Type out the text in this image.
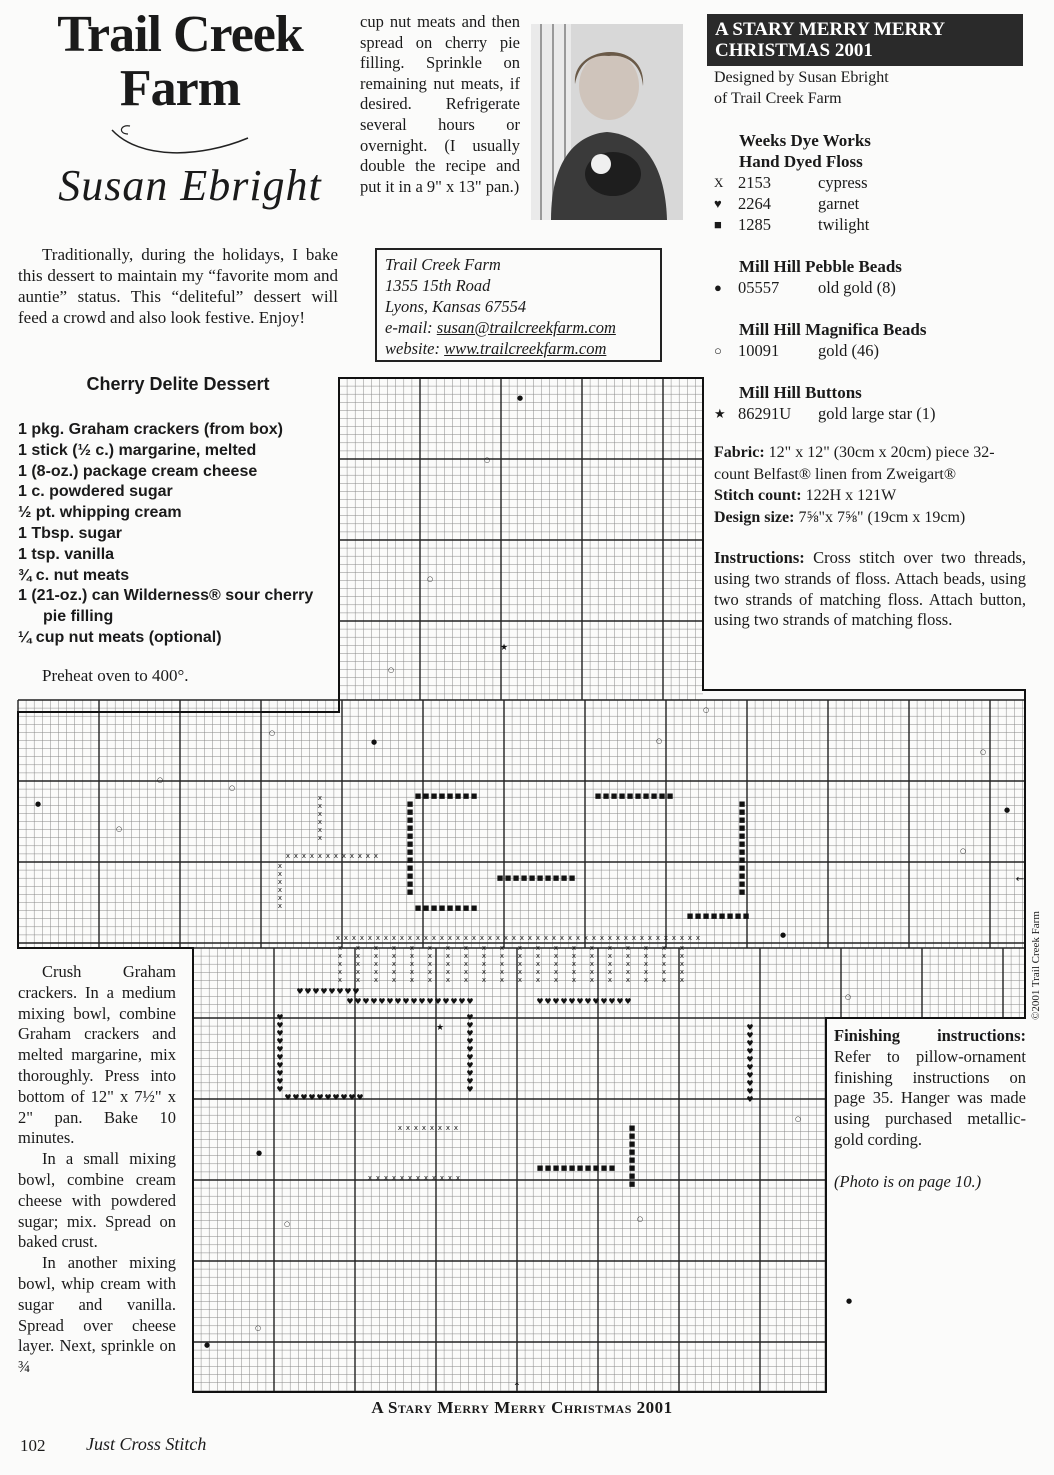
Trail Creek Farm
Susan Ebright
Traditionally, during the holidays, I bake this dessert to maintain my “favorite mom and auntie” status. This “deliteful” dessert will feed a crowd and also look festive. Enjoy!
Cherry Delite Dessert
1 pkg. Graham crackers (from box)
1 stick (½ c.) margarine, melted
1 (8-oz.) package cream cheese
1 c. powdered sugar
½ pt. whipping cream
1 Tbsp. sugar
1 tsp. vanilla
¾ c. nut meats
1 (21-oz.) can Wilderness® sour cherry pie filling
¼ cup nut meats (optional)
Preheat oven to 400°.
cup nut meats and then spread on cherry pie filling. Sprinkle on remaining nut meats, if desired. Refrigerate several hours or overnight. (I usually double the recipe and put it in a 9" x 13" pan.)
Trail Creek Farm
1355 15th Road
Lyons, Kansas 67554
e-mail: susan@trailcreekfarm.com
website: www.trailcreekfarm.com
A STARY MERRY MERRY
CHRISTMAS 2001
Designed by Susan Ebright
of Trail Creek Farm
Weeks Dye Works
Hand Dyed Floss
X 2153	cypress
♥ 2264	garnet
■ 1285	twilight
Mill Hill Pebble Beads
● 05557	old gold (8)
Mill Hill Magnifica Beads
○ 10091	gold (46)
Mill Hill Buttons
★ 86291U	gold large star (1)
Fabric: 12" x 12" (30cm x 20cm) piece 32-count Belfast® linen from Zweigart®
Stitch count: 122H x 121W
Design size: 7⅝"x 7⅝" (19cm x 19cm)
Instructions: Cross stitch over two threads, using two strands of floss. Attach beads, using two strands of matching floss. Attach button, using two strands of matching floss.
■ ■ ■ ■ ■ ■ ■ ■
■
■
■
■
■
■
■
■
■
■
■
■
■ ■ ■ ■ ■ ■ ■ ■
■ ■ ■ ■ ■ ■ ■ ■ ■ ■
■
■
■
■
■
■
■
■
■
■
■
■
■ ■ ■ ■ ■ ■ ■ ■
■ ■ ■ ■ ■ ■ ■ ■ ■ ■
■ ■ ■ ■ ■ ■ ■ ■ ■ ■
■
■
■
■
■
■
■
■
♥
♥
♥
♥
♥
♥
♥
♥
♥
♥
♥ ♥ ♥ ♥ ♥ ♥ ♥ ♥ ♥ ♥
♥ ♥ ♥ ♥ ♥ ♥ ♥ ♥ ♥ ♥ ♥ ♥ ♥ ♥ ♥ ♥
♥
♥
♥
♥
♥
♥
♥
♥
♥
♥
♥ ♥ ♥ ♥ ♥ ♥ ♥ ♥ ♥ ♥ ♥ ♥
♥
♥
♥
♥
♥
♥
♥
♥
♥
♥
♥ ♥ ♥ ♥ ♥ ♥ ♥ ♥
x
x
x
x
x
x
x x x x x x x x x x x x
x
x
x
x
x
x
x x x x x x x x x x x x x x x x x x x x x x x x x x x x x x x x x x x x x x x x x x x x x x
x x x x x x x x x x x x x x x x x x x x
x x x x x x x x x x x x x x x x x x x x
x x x x x x x x x x x x x x x x x x x x
x x x x x x x x x x x x x x x x x x x x
x x x x x x x x x x x x x x x x x x x x
x x x x x x x x x x x x
x x x x x x x x
●
●
●
●
●
●
●
●
○
○
○
○
○
○
○
○
○
○
○
○
○
○
○
○
★
★
↑
←

Crush Graham crackers. In a medium mixing bowl, combine Graham crackers and melted margarine, mix thoroughly. Press into bottom of 12" x 7½" x 2" pan. Bake 10 minutes.

In a small mixing bowl, combine cream cheese with powdered sugar; mix. Spread on baked crust.

In another mixing bowl, whip cream with sugar and vanilla. Spread over cheese layer. Next, sprinkle on ¾

Finishing instructions: Refer to pillow-ornament finishing instructions on page 35. Hanger was made using purchased metallic-gold cording.
(Photo is on page 10.)
©2001 Trail Creek Farm
A Stary Merry Merry Christmas 2001
102 Just Cross Stitch
